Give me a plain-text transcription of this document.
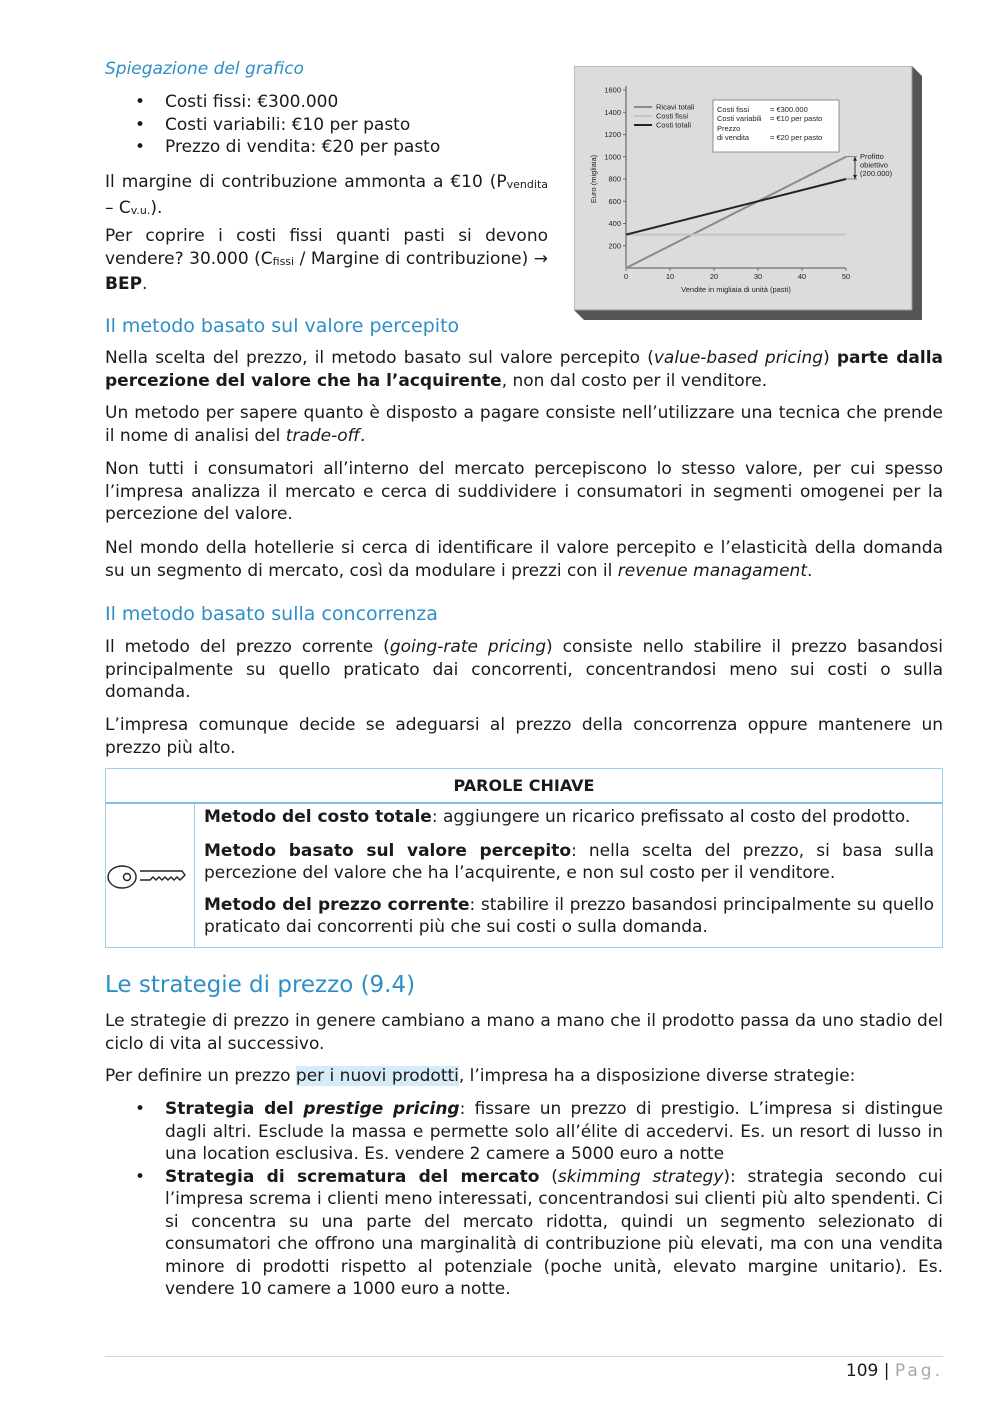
Spiegazione del grafico
• Costi fissi: €300.000
• Costi variabili: €10 per pasto
• Prezzo di vendita: €20 per pasto

Il margine di contribuzione ammonta a €10 $(P_{vendita} - C_{v.u.})$.

Per coprire i costi fissi quanti pasti si devono vendere? 30.000 ($C_{fissi}$ / Margine di contribuzione) → BEP.

200
400
600
800
1000
1200
1400
1600
0	10	20	30	40	50
Vendite in migliaia di unità (pasti)
Euro (migliaia)
Ricavi totali
Costi fissi
Costi totali
Costi fissi	= €300.000
Costi variabili = €10 per pasto
Prezzo
di vendita	= €20 per pasto
Profitto
obiettivo
(200.000)
Il metodo basato sul valore percepito

Nella scelta del prezzo, il metodo basato sul valore percepito (value-based pricing) parte dalla percezione del valore che ha l’acquirente, non dal costo per il venditore.

Un metodo per sapere quanto è disposto a pagare consiste nell’utilizzare una tecnica che prende il nome di analisi del trade-off.

Non tutti i consumatori all’interno del mercato percepiscono lo stesso valore, per cui spesso l’impresa analizza il mercato e cerca di suddividere i consumatori in segmenti omogenei per la percezione del valore.

Nel mondo della hotellerie si cerca di identificare il valore percepito e l’elasticità della domanda su un segmento di mercato, così da modulare i prezzi con il revenue managament.

Il metodo basato sulla concorrenza

Il metodo del prezzo corrente (going-rate pricing) consiste nello stabilire il prezzo basandosi principalmente su quello praticato dai concorrenti, concentrandosi meno sui costi o sulla domanda.

L’impresa comunque decide se adeguarsi al prezzo della concorrenza oppure mantenere un prezzo più alto.

PAROLE CHIAVE

Metodo del costo totale: aggiungere un ricarico prefissato al costo del prodotto.

Metodo basato sul valore percepito: nella scelta del prezzo, si basa sulla percezione del valore che ha l’acquirente, e non sul costo per il venditore.

Metodo del prezzo corrente: stabilire il prezzo basandosi principalmente su quello praticato dai concorrenti più che sui costi o sulla domanda.

Le strategie di prezzo (9.4)

Le strategie di prezzo in genere cambiano a mano a mano che il prodotto passa da uno stadio del ciclo di vita al successivo.

Per definire un prezzo per i nuovi prodotti, l’impresa ha a disposizione diverse strategie:

• Strategia del prestige pricing: fissare un prezzo di prestigio. L’impresa si distingue dagli altri. Esclude la massa e permette solo all’élite di accedervi. Es. un resort di lusso in una location esclusiva. Es. vendere 2 camere a 5000 euro a notte
• Strategia di scrematura del mercato (skimming strategy): strategia secondo cui l’impresa screma i clienti meno interessati, concentrandosi sui clienti più alto spendenti. Ci si concentra su una parte del mercato ridotta, quindi un segmento selezionato di consumatori che offrono una marginalità di contribuzione più elevati, ma con una vendita minore di prodotti rispetto al potenziale (poche unità, elevato margine unitario). Es. vendere 10 camere a 1000 euro a notte.
109 | Pag.
